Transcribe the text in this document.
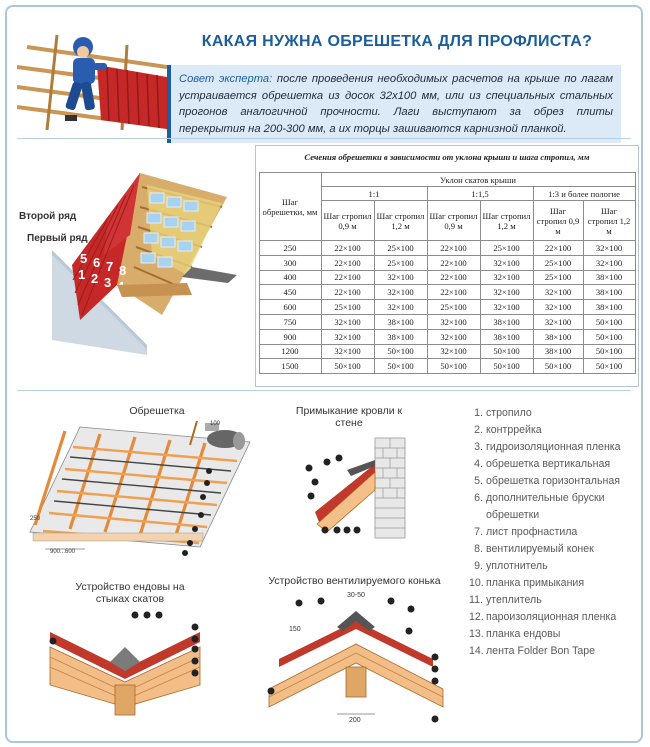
КАКАЯ НУЖНА ОБРЕШЕТКА ДЛЯ ПРОФЛИСТА?
Совет эксперта: после проведения необходимых расчетов на крыше по лагам устраивается обрешетка из досок 32х100 мм, или из специальных стальных прогонов аналогичной прочности. Лаги выступают за обрез плиты перекрытия на 200-300 мм, а их торцы зашиваются карнизной планкой.
5 6 7 8
1 2 3
Второй ряд
Первый ряд
Сечения обрешетки в зависимости от уклона крыши и шага стропил, мм
Шаг обрешетки, мм	Уклон скатов крыши					
	1:1		1:1,5		1:3 и более пологие	
	Шаг стропил 0,9 м	Шаг стропил 1,2 м	Шаг стропил 0,9 м	Шаг стропил 1,2 м	Шаг стропил 0,9 м	Шаг стропил 1,2 м
250	22×100	25×100	22×100	25×100	22×100	32×100
300	22×100	25×100	22×100	32×100	25×100	32×100
400	22×100	32×100	22×100	32×100	25×100	38×100
450	22×100	32×100	22×100	32×100	32×100	38×100
600	25×100	32×100	25×100	32×100	32×100	38×100
750	32×100	38×100	32×100	38×100	32×100	50×100
900	32×100	38×100	32×100	38×100	38×100	50×100
1200	32×100	50×100	32×100	50×100	38×100	50×100
1500	50×100	50×100	50×100	50×100	50×100	50×100
Обрешетка
100
250
900...600
Примыкание кровли к стене
Устройство ендовы на стыках скатов
Устройство вентилируемого конька
200
30-50
150
1. стропило
2. контррейка
3. гидроизоляционная пленка
4. обрешетка вертикальная
5. обрешетка горизонтальная
6. дополнительные бруски обрешетки
7. лист профнастила
8. вентилируемый конек
9. уплотнитель
10. планка примыкания
11. утеплитель
12. пароизоляционная пленка
13. планка ендовы
14. лента Folder Bon Tape
